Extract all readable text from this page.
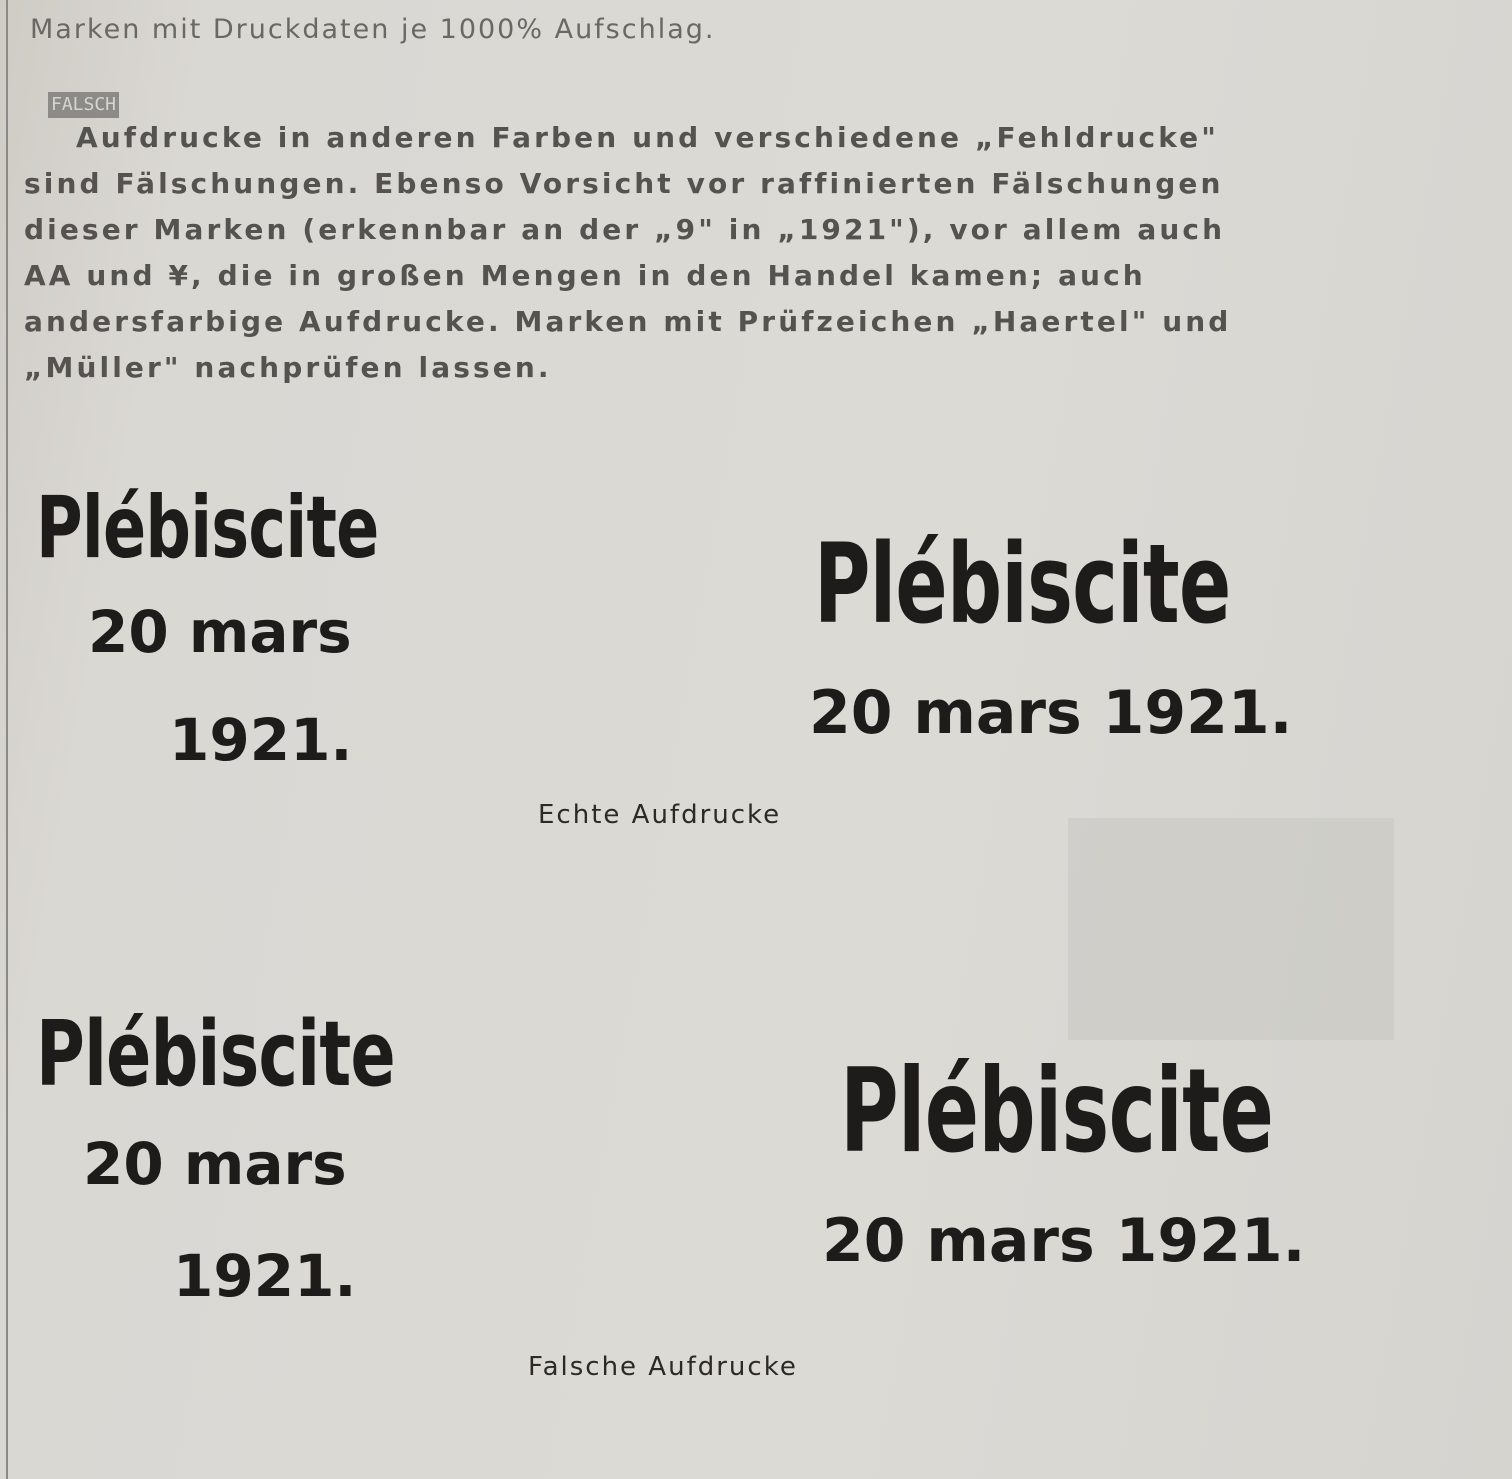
Marken mit Druckdaten je 1000% Aufschlag.
FALSCH

Aufdrucke in anderen Farben und verschiedene „Fehldrucke"

sind Fälschungen. Ebenso Vorsicht vor raffinierten Fälschungen

dieser Marken (erkennbar an der „9" in „1921"), vor allem auch

AA und ¥, die in großen Mengen in den Handel kamen; auch

andersfarbige Aufdrucke. Marken mit Prüfzeichen „Haertel" und

„Müller" nachprüfen lassen.

Plébiscite
20 mars
1921.
Plébiscite
20 mars 1921.
Echte Aufdrucke
Plébiscite
20 mars
1921.
Plébiscite
20 mars 1921.
Falsche Aufdrucke
